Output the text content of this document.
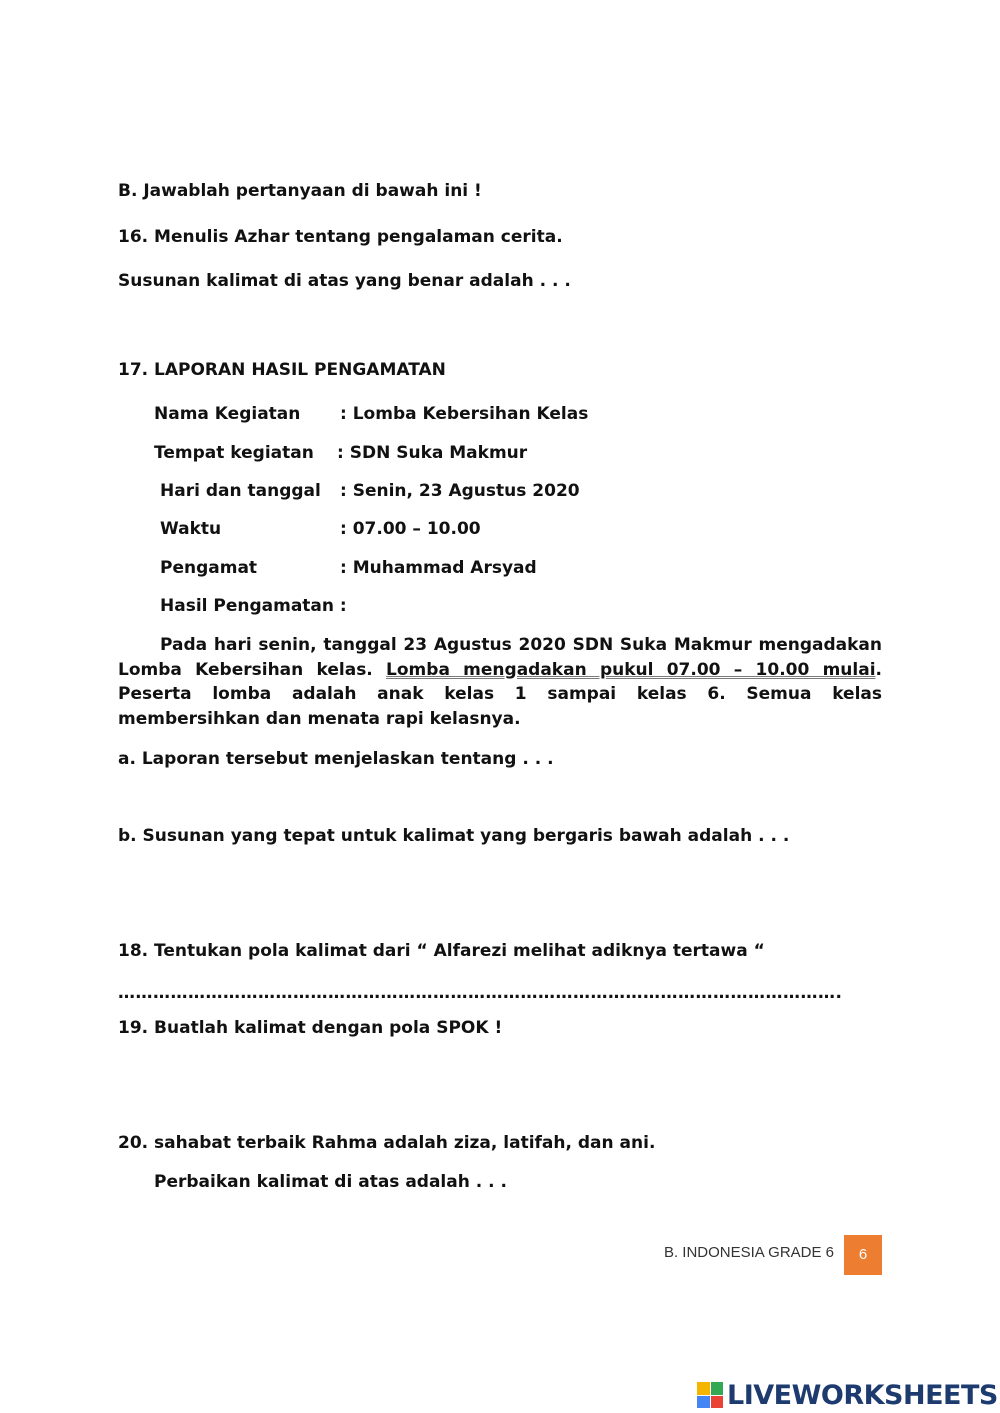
B. Jawablah pertanyaan di bawah ini !
16. Menulis Azhar tentang pengalaman cerita.
Susunan kalimat di atas yang benar adalah . . .
17. LAPORAN HASIL PENGAMATAN
Nama Kegiatan : Lomba Kebersihan Kelas
Tempat kegiatan : SDN Suka Makmur
Hari dan tanggal : Senin, 23 Agustus 2020
Waktu	: 07.00 – 10.00
Pengamat	: Muhammad Arsyad
Hasil Pengamatan :
Pada hari senin, tanggal 23 Agustus 2020 SDN Suka Makmur mengadakan
Lomba Kebersihan kelas. Lomba mengadakan pukul 07.00 – 10.00 mulai.
Peserta lomba adalah anak kelas 1 sampai kelas 6. Semua kelas
membersihkan dan menata rapi kelasnya.
a. Laporan tersebut menjelaskan tentang . . .
b. Susunan yang tepat untuk kalimat yang bergaris bawah adalah . . .
18. Tentukan pola kalimat dari “ Alfarezi melihat adiknya tertawa “
…………………………………………………………………………………………………………….
19. Buatlah kalimat dengan pola SPOK !
20. sahabat terbaik Rahma adalah ziza, latifah, dan ani.
Perbaikan kalimat di atas adalah . . .
B. INDONESIA GRADE 6	6
LIVEWORKSHEETS
